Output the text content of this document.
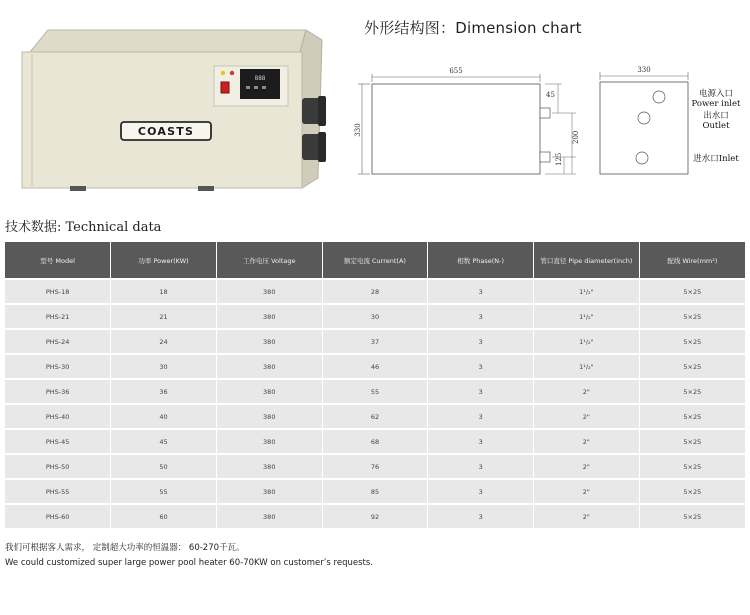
888
COASTS
外形结构图：Dimension chart
655
330
45
200
125
330
电源入口
Power inlet
出水口
Outlet
进水口Inlet
技术数据: Technical data
型号 Model	功率 Power(KW)	工作电压 Voltage	额定电流 Current(A)	相数 Phase(N-)	管口直径 Pipe diameter(inch)	配线 Wire(mm²)
PHS-18	18	380	28	3	1¹/₂"	5×25
PHS-21	21	380	30	3	1¹/₂"	5×25
PHS-24	24	380	37	3	1¹/₂"	5×25
PHS-30	30	380	46	3	1¹/₂"	5×25
PHS-36	36	380	55	3	2"	5×25
PHS-40	40	380	62	3	2"	5×25
PHS-45	45	380	68	3	2"	5×25
PHS-50	50	380	76	3	2"	5×25
PHS-55	55	380	85	3	2"	5×25
PHS-60	60	380	92	3	2"	5×25
我们可根据客人需求， 定制超大功率的恒温器： 60-270千瓦。
We could customized super large power pool heater 60-70KW on customer’s requests.
